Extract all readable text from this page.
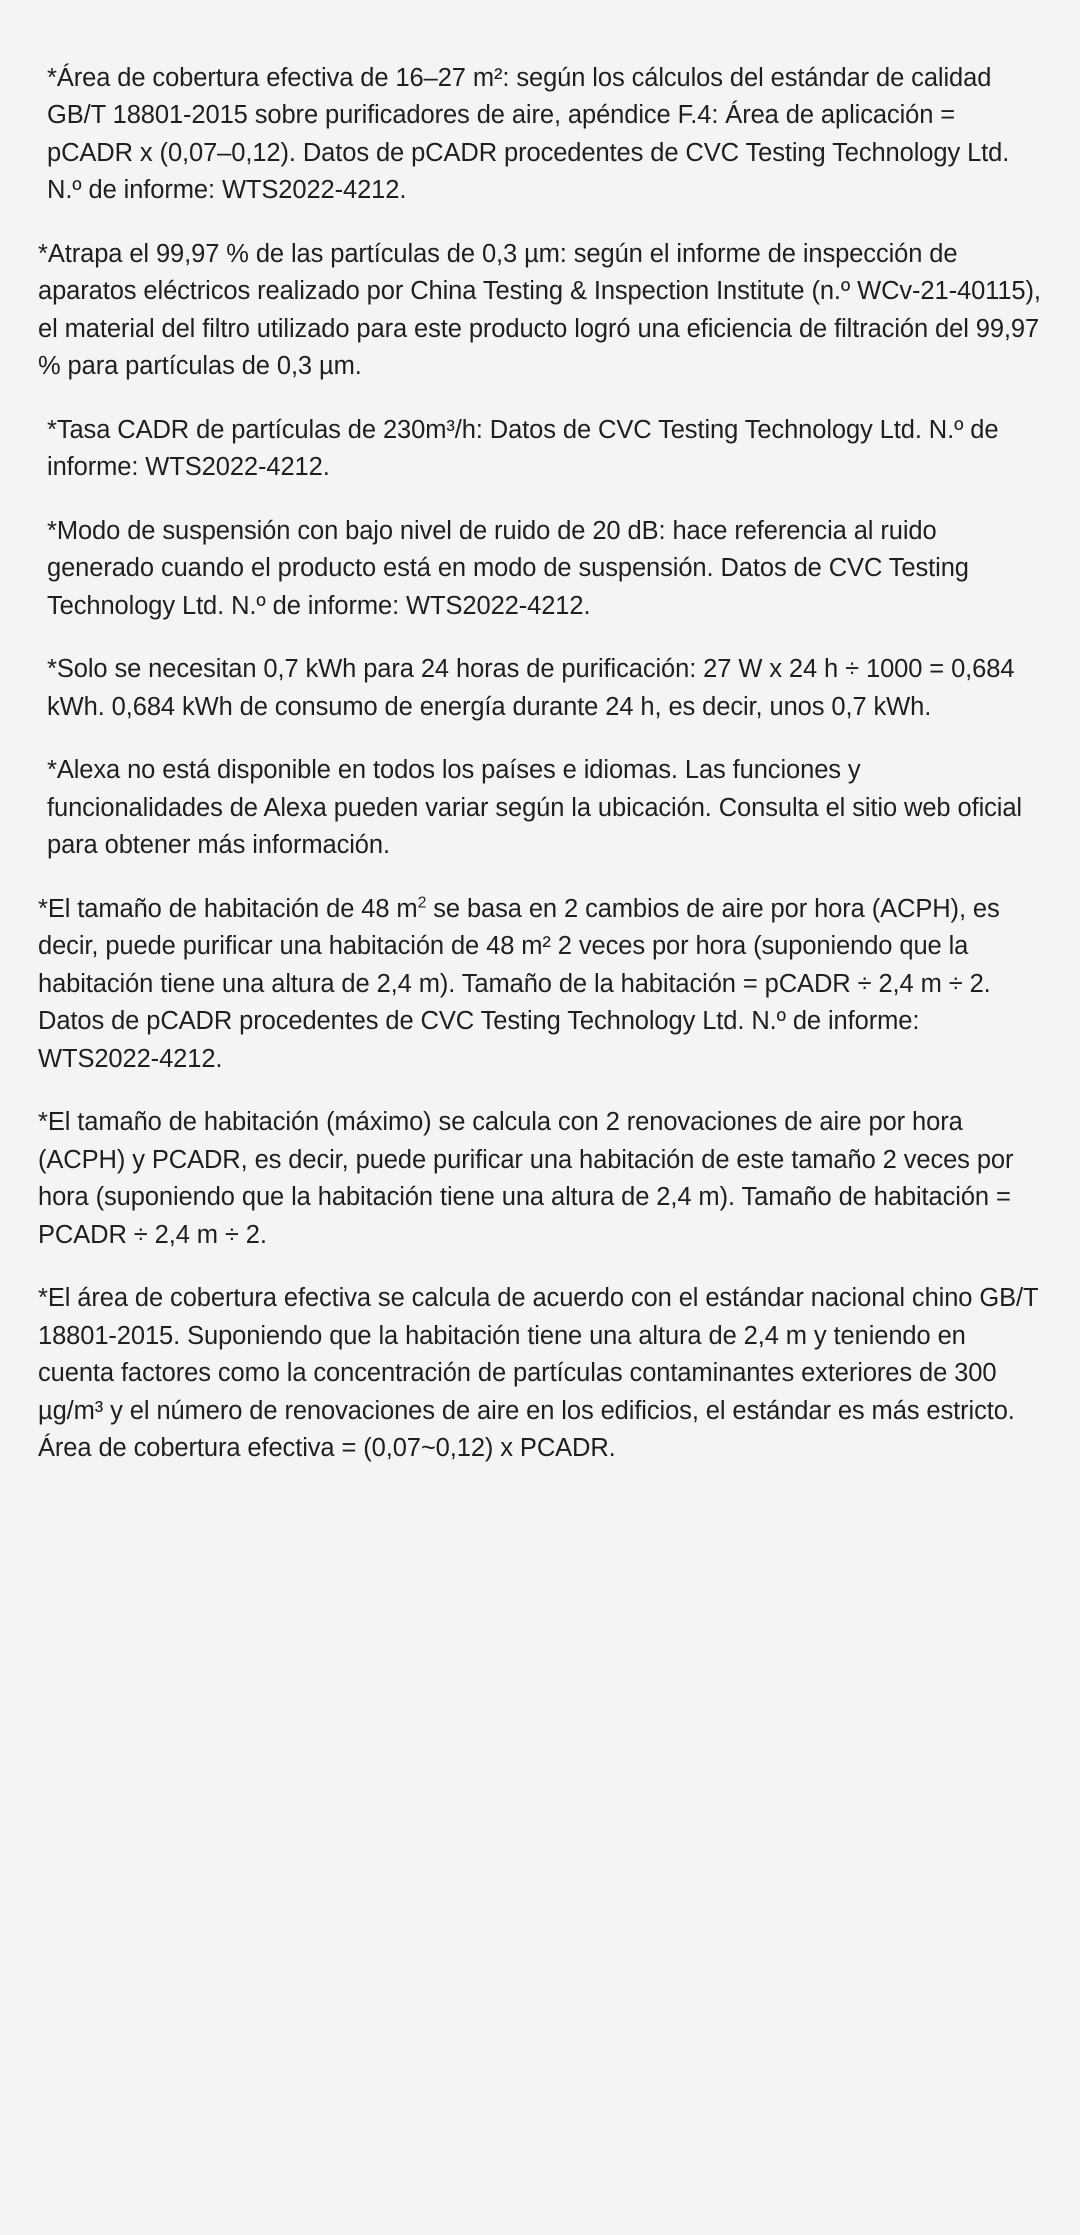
*Área de cobertura efectiva de 16–27 m²: según los cálculos del estándar de calidad GB/T 18801-2015 sobre purificadores de aire, apéndice F.4: Área de aplicación = pCADR x (0,07–0,12). Datos de pCADR procedentes de CVC Testing Technology Ltd. N.º de informe: WTS2022-4212.

*Atrapa el 99,97 % de las partículas de 0,3 µm: según el informe de inspección de aparatos eléctricos realizado por China Testing & Inspection Institute (n.º WCv-21-40115), el material del filtro utilizado para este producto logró una eficiencia de filtración del 99,97 % para partículas de 0,3 µm.

*Tasa CADR de partículas de 230m³/h: Datos de CVC Testing Technology Ltd. N.º de informe: WTS2022-4212.

*Modo de suspensión con bajo nivel de ruido de 20 dB: hace referencia al ruido generado cuando el producto está en modo de suspensión. Datos de CVC Testing Technology Ltd. N.º de informe: WTS2022-4212.

*Solo se necesitan 0,7 kWh para 24 horas de purificación: 27 W x 24 h ÷ 1000 = 0,684 kWh. 0,684 kWh de consumo de energía durante 24 h, es decir, unos 0,7 kWh.

*Alexa no está disponible en todos los países e idiomas. Las funciones y funcionalidades de Alexa pueden variar según la ubicación. Consulta el sitio web oficial para obtener más información.

*El tamaño de habitación de 48 $m^2$ se basa en 2 cambios de aire por hora (ACPH), es decir, puede purificar una habitación de 48 m² 2 veces por hora (suponiendo que la habitación tiene una altura de 2,4 m). Tamaño de la habitación = pCADR ÷ 2,4 m ÷ 2. Datos de pCADR procedentes de CVC Testing Technology Ltd. N.º de informe: WTS2022-4212.

*El tamaño de habitación (máximo) se calcula con 2 renovaciones de aire por hora (ACPH) y PCADR, es decir, puede purificar una habitación de este tamaño 2 veces por hora (suponiendo que la habitación tiene una altura de 2,4 m). Tamaño de habitación = PCADR ÷ 2,4 m ÷ 2.

*El área de cobertura efectiva se calcula de acuerdo con el estándar nacional chino GB/T 18801-2015. Suponiendo que la habitación tiene una altura de 2,4 m y teniendo en cuenta factores como la concentración de partículas contaminantes exteriores de 300 µg/m³ y el número de renovaciones de aire en los edificios, el estándar es más estricto. Área de cobertura efectiva = (0,07~0,12) x PCADR.
